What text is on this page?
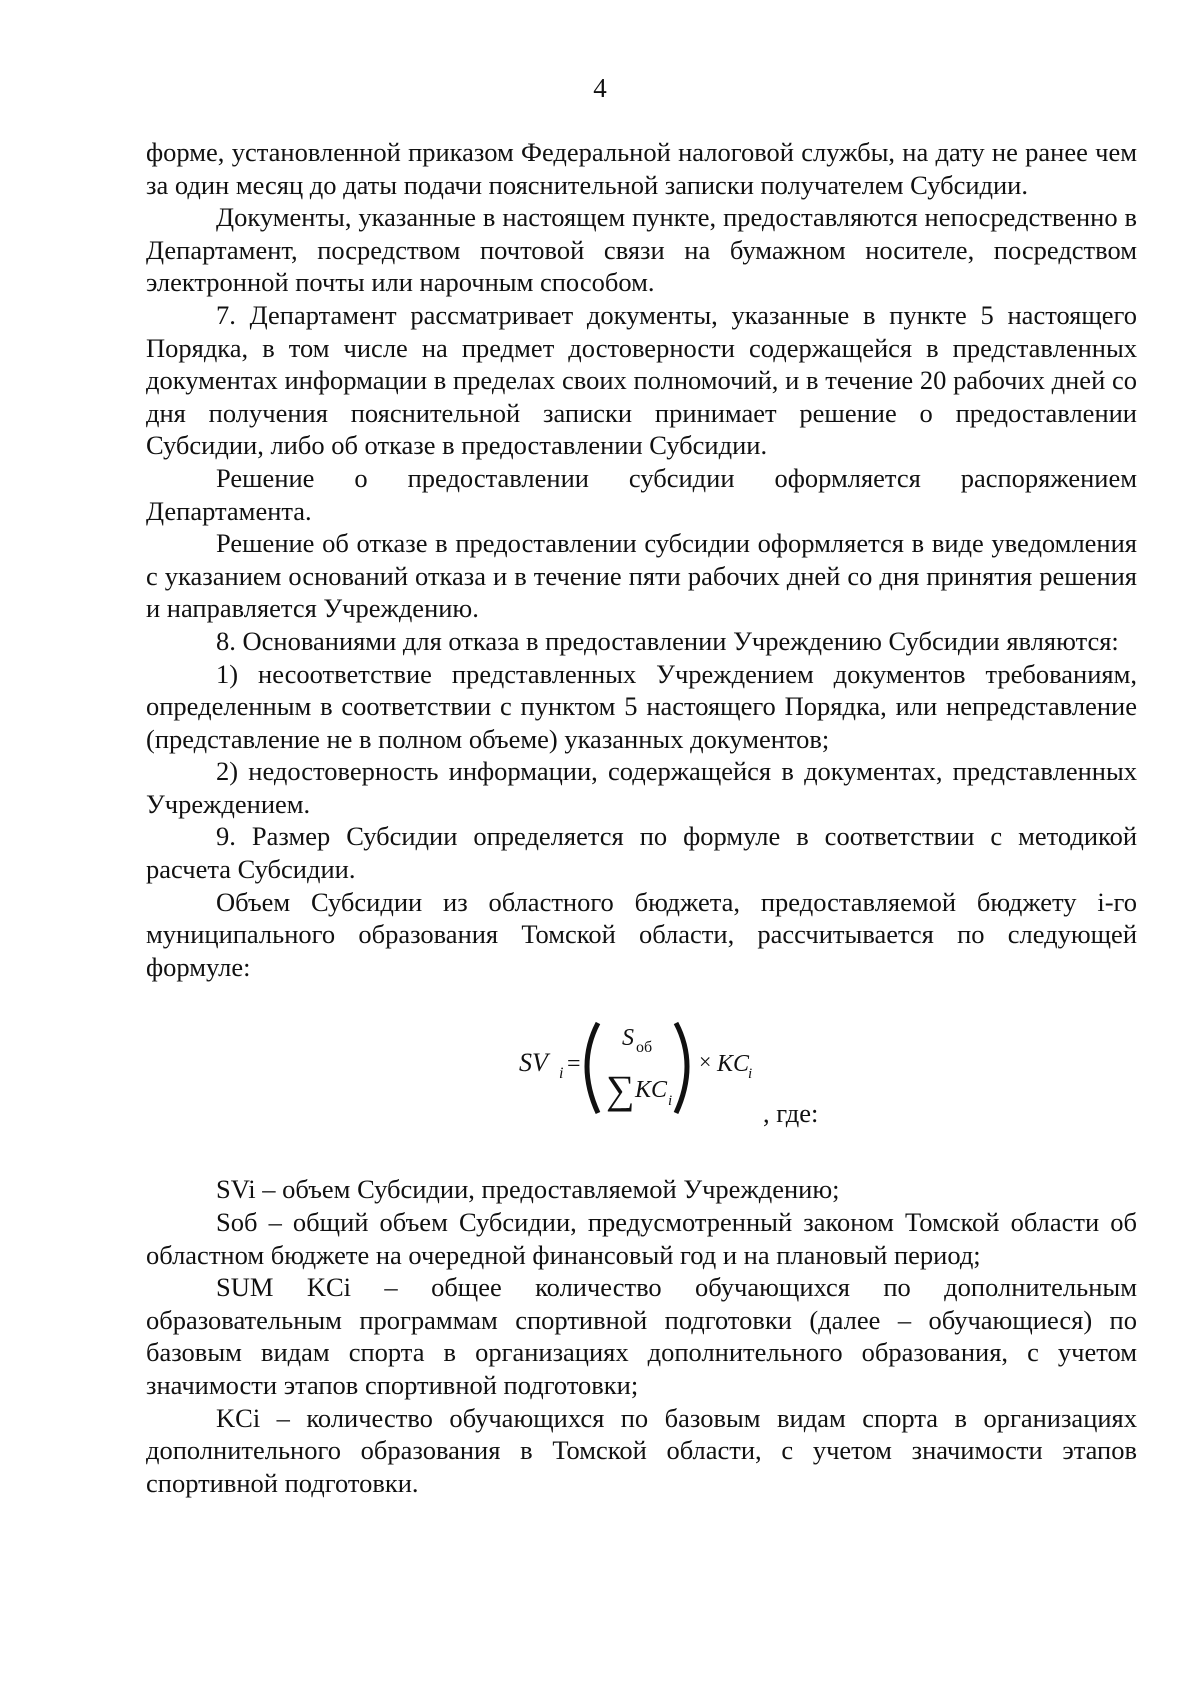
4

форме, установленной приказом Федеральной налоговой службы, на дату не ранее чем за один месяц до даты подачи пояснительной записки получателем Субсидии.

Документы, указанные в настоящем пункте, предоставляются непосредственно в Департамент, посредством почтовой связи на бумажном носителе, посредством электронной почты или нарочным способом.

7. Департамент рассматривает документы, указанные в пункте 5 настоящего Порядка, в том числе на предмет достоверности содержащейся в представленных документах информации в пределах своих полномочий, и в течение 20 рабочих дней со дня получения пояснительной записки принимает решение о предоставлении Субсидии, либо об отказе в предоставлении Субсидии.

Решение о предоставлении субсидии оформляется распоряжением Департамента.

Решение об отказе в предоставлении субсидии оформляется в виде уведомления с указанием оснований отказа и в течение пяти рабочих дней со дня принятия решения и направляется Учреждению.

8. Основаниями для отказа в предоставлении Учреждению Субсидии являются:

1) несоответствие представленных Учреждением документов требованиям, определенным в соответствии с пунктом 5 настоящего Порядка, или непредставление (представление не в полном объеме) указанных документов;

2) недостоверность информации, содержащейся в документах, представленных Учреждением.

9. Размер Субсидии определяется по формуле в соответствии с методикой расчета Субсидии.

Объем Субсидии из областного бюджета, предоставляемой бюджету i-го муниципального образования Томской области, рассчитывается по следующей формуле:

SV i =
S об
∑ KC i
× KC
i
, где:

SVi – объем Субсидии, предоставляемой Учреждению;

Sоб – общий объем Субсидии, предусмотренный законом Томской области об областном бюджете на очередной финансовый год и на плановый период;

SUM KCi – общее количество обучающихся по дополнительным образовательным программам спортивной подготовки (далее – обучающиеся) по базовым видам спорта в организациях дополнительного образования, с учетом значимости этапов спортивной подготовки;

KCi – количество обучающихся по базовым видам спорта в организациях дополнительного образования в Томской области, с учетом значимости этапов спортивной подготовки.
